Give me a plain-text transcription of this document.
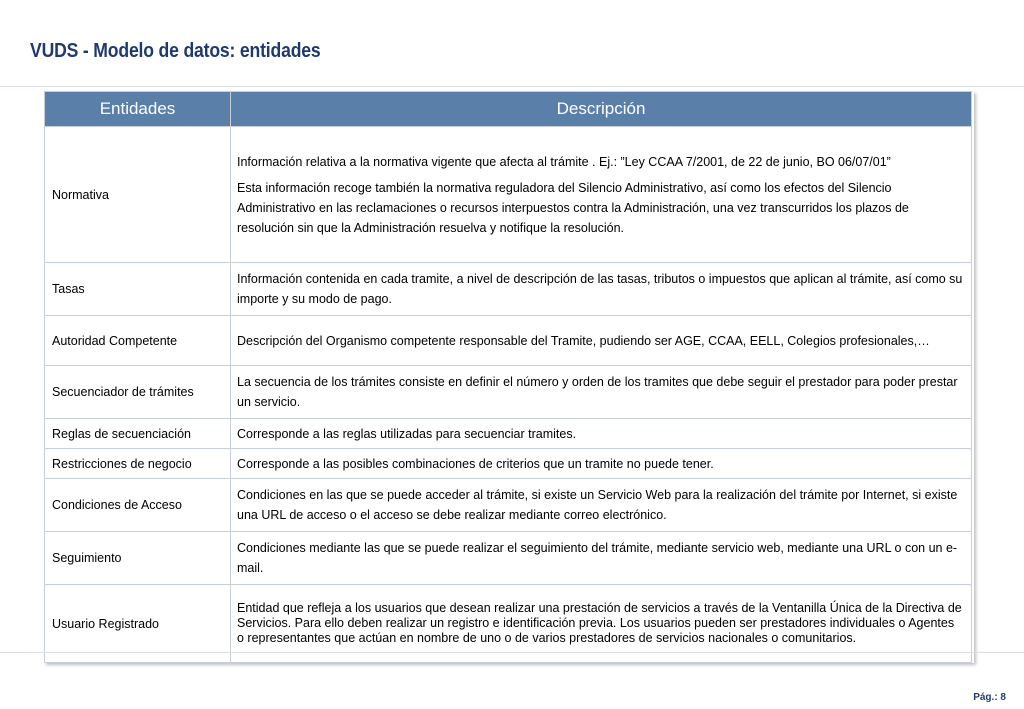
VUDS - Modelo de datos: entidades
Entidades	Descripción
Normativa	Información relativa a la normativa vigente que afecta al trámite . Ej.: ”Ley CCAA 7/2001, de 22 de junio, BO 06/07/01”

Esta información recoge también la normativa reguladora del Silencio Administrativo, así como los efectos del Silencio Administrativo en las reclamaciones o recursos interpuestos contra la Administración, una vez transcurridos los plazos de resolución sin que la Administración resuelva y notifique la resolución.

Tasas	Información contenida en cada tramite, a nivel de descripción de las tasas, tributos o impuestos que aplican al trámite, así como su importe y su modo de pago.

Autoridad Competente	Descripción del Organismo competente responsable del Tramite, pudiendo ser AGE, CCAA, EELL, Colegios profesionales,…

Secuenciador de trámites	La secuencia de los trámites consiste en definir el número y orden de los tramites que debe seguir el prestador para poder prestar un servicio.

Reglas de secuenciación	Corresponde a las reglas utilizadas para secuenciar tramites.

Restricciones de negocio	Corresponde a las posibles combinaciones de criterios que un tramite no puede tener.

Condiciones de Acceso	Condiciones en las que se puede acceder al trámite, si existe un Servicio Web para la realización del trámite por Internet, si existe una URL de acceso o el acceso se debe realizar mediante correo electrónico.

Seguimiento	Condiciones mediante las que se puede realizar el seguimiento del trámite, mediante servicio web, mediante una URL o con un e-mail.

Usuario Registrado	Entidad que refleja a los usuarios que desean realizar una prestación de servicios a través de la Ventanilla Única de la Directiva de Servicios. Para ello deben realizar un registro e identificación previa. Los usuarios pueden ser prestadores individuales o Agentes o representantes que actúan en nombre de uno o de varios prestadores de servicios nacionales o comunitarios.

Pág.: 8
